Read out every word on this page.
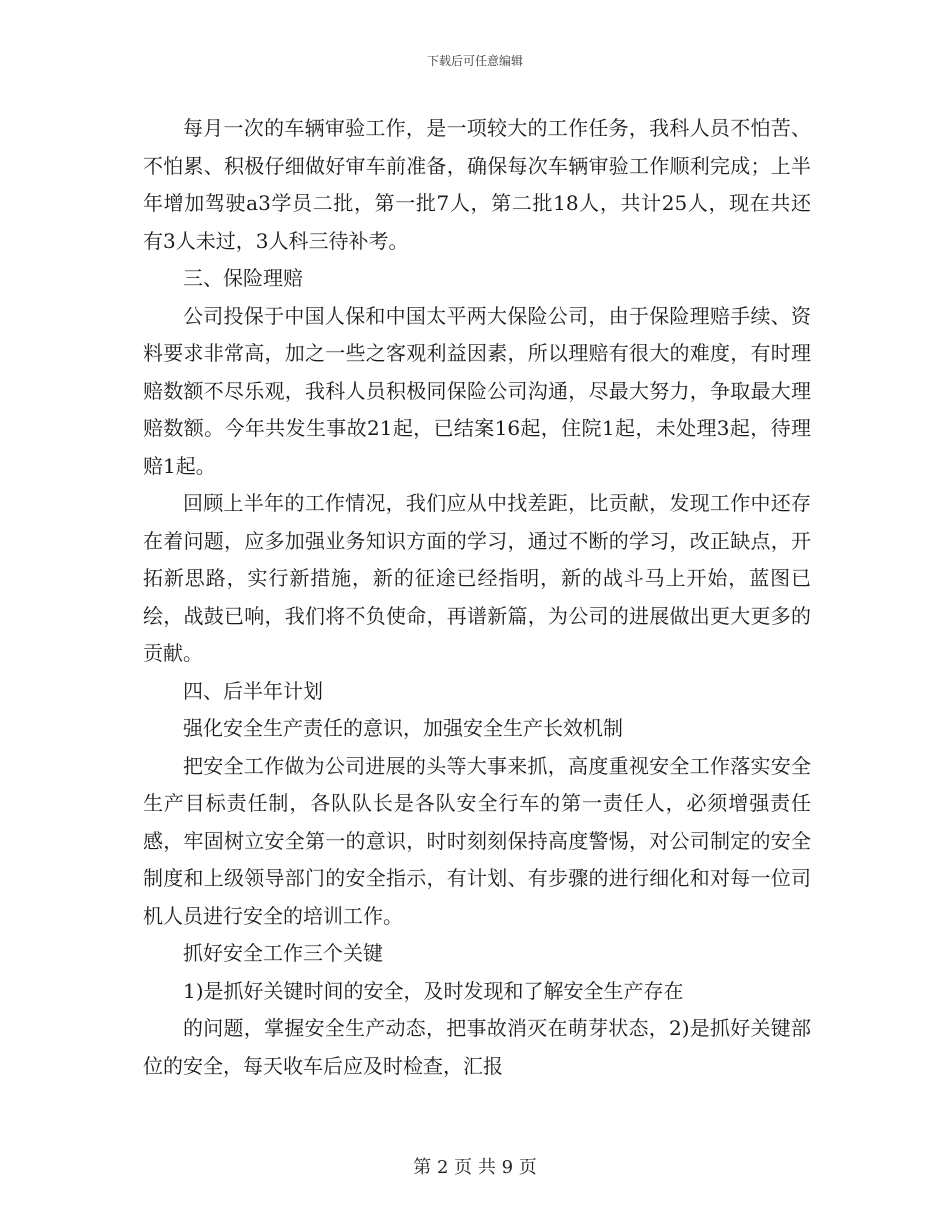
下载后可任意编辑

每月一次的车辆审验工作，是一项较大的工作任务，我科人员不怕苦、不怕累、积极仔细做好审车前准备，确保每次车辆审验工作顺利完成；上半年增加驾驶a3学员二批，第一批7人，第二批18人，共计25人，现在共还有3人未过，3人科三待补考。

三、保险理赔

公司投保于中国人保和中国太平两大保险公司，由于保险理赔手续、资料要求非常高，加之一些之客观利益因素，所以理赔有很大的难度，有时理赔数额不尽乐观，我科人员积极同保险公司沟通，尽最大努力，争取最大理赔数额。今年共发生事故21起，已结案16起，住院1起，未处理3起，待理赔1起。

回顾上半年的工作情况，我们应从中找差距，比贡献，发现工作中还存在着问题，应多加强业务知识方面的学习，通过不断的学习，改正缺点，开拓新思路，实行新措施，新的征途已经指明，新的战斗马上开始，蓝图已绘，战鼓已响，我们将不负使命，再谱新篇，为公司的进展做出更大更多的贡献。

四、后半年计划

强化安全生产责任的意识，加强安全生产长效机制

把安全工作做为公司进展的头等大事来抓，高度重视安全工作落实安全生产目标责任制，各队队长是各队安全行车的第一责任人，必须增强责任感，牢固树立安全第一的意识，时时刻刻保持高度警惕，对公司制定的安全制度和上级领导部门的安全指示，有计划、有步骤的进行细化和对每一位司机人员进行安全的培训工作。

抓好安全工作三个关键

1)是抓好关键时间的安全，及时发现和了解安全生产存在

的问题，掌握安全生产动态，把事故消灭在萌芽状态，2)是抓好关键部位的安全，每天收车后应及时检查，汇报

第 2 页 共 9 页
